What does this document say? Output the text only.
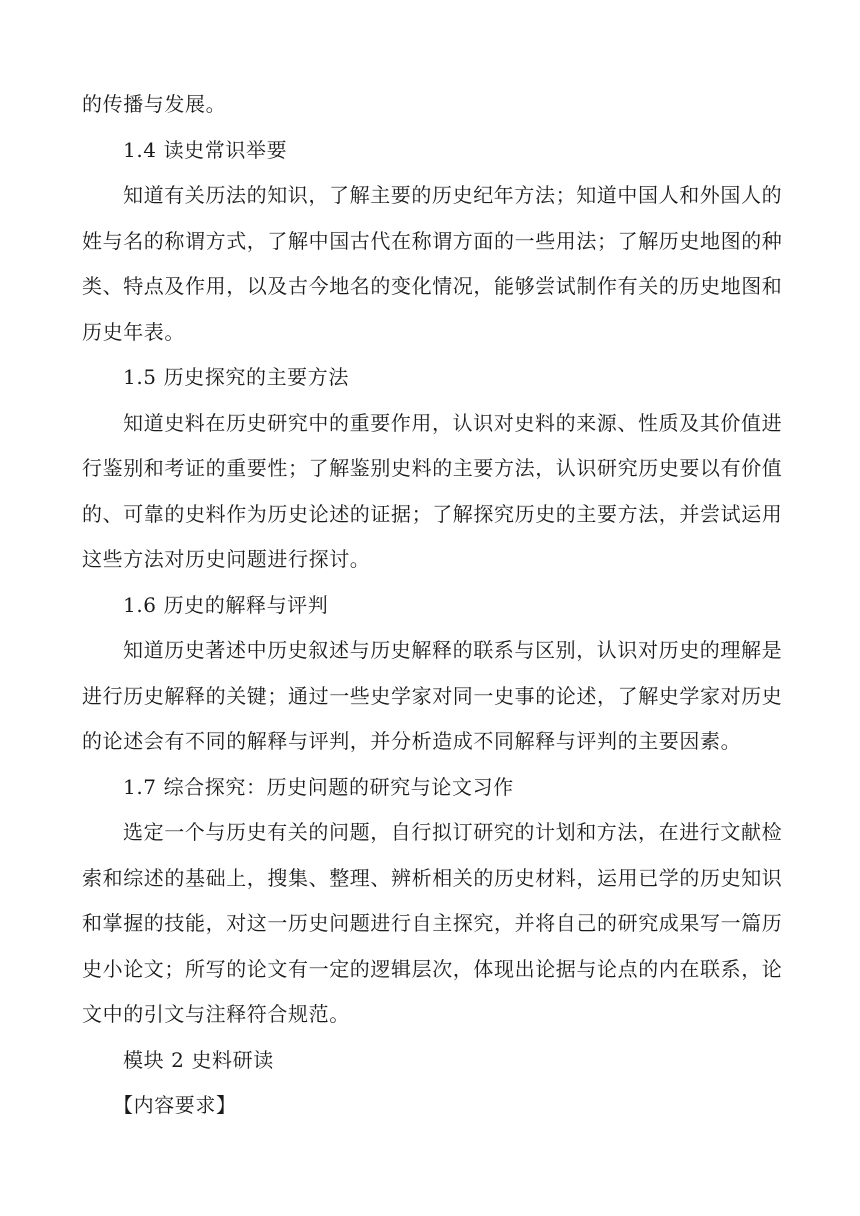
的传播与发展。
1.4 读史常识举要
知道有关历法的知识，了解主要的历史纪年方法；知道中国人和外国人的
姓与名的称谓方式，了解中国古代在称谓方面的一些用法；了解历史地图的种
类、特点及作用，以及古今地名的变化情况，能够尝试制作有关的历史地图和
历史年表。
1.5 历史探究的主要方法
知道史料在历史研究中的重要作用，认识对史料的来源、性质及其价值进
行鉴别和考证的重要性；了解鉴别史料的主要方法，认识研究历史要以有价值
的、可靠的史料作为历史论述的证据；了解探究历史的主要方法，并尝试运用
这些方法对历史问题进行探讨。
1.6 历史的解释与评判
知道历史著述中历史叙述与历史解释的联系与区别，认识对历史的理解是
进行历史解释的关键；通过一些史学家对同一史事的论述，了解史学家对历史
的论述会有不同的解释与评判，并分析造成不同解释与评判的主要因素。
1.7 综合探究：历史问题的研究与论文习作
选定一个与历史有关的问题，自行拟订研究的计划和方法，在进行文献检
索和综述的基础上，搜集、整理、辨析相关的历史材料，运用已学的历史知识
和掌握的技能，对这一历史问题进行自主探究，并将自己的研究成果写一篇历
史小论文；所写的论文有一定的逻辑层次，体现出论据与论点的内在联系，论
文中的引文与注释符合规范。
模块 2 史料研读
【内容要求】
